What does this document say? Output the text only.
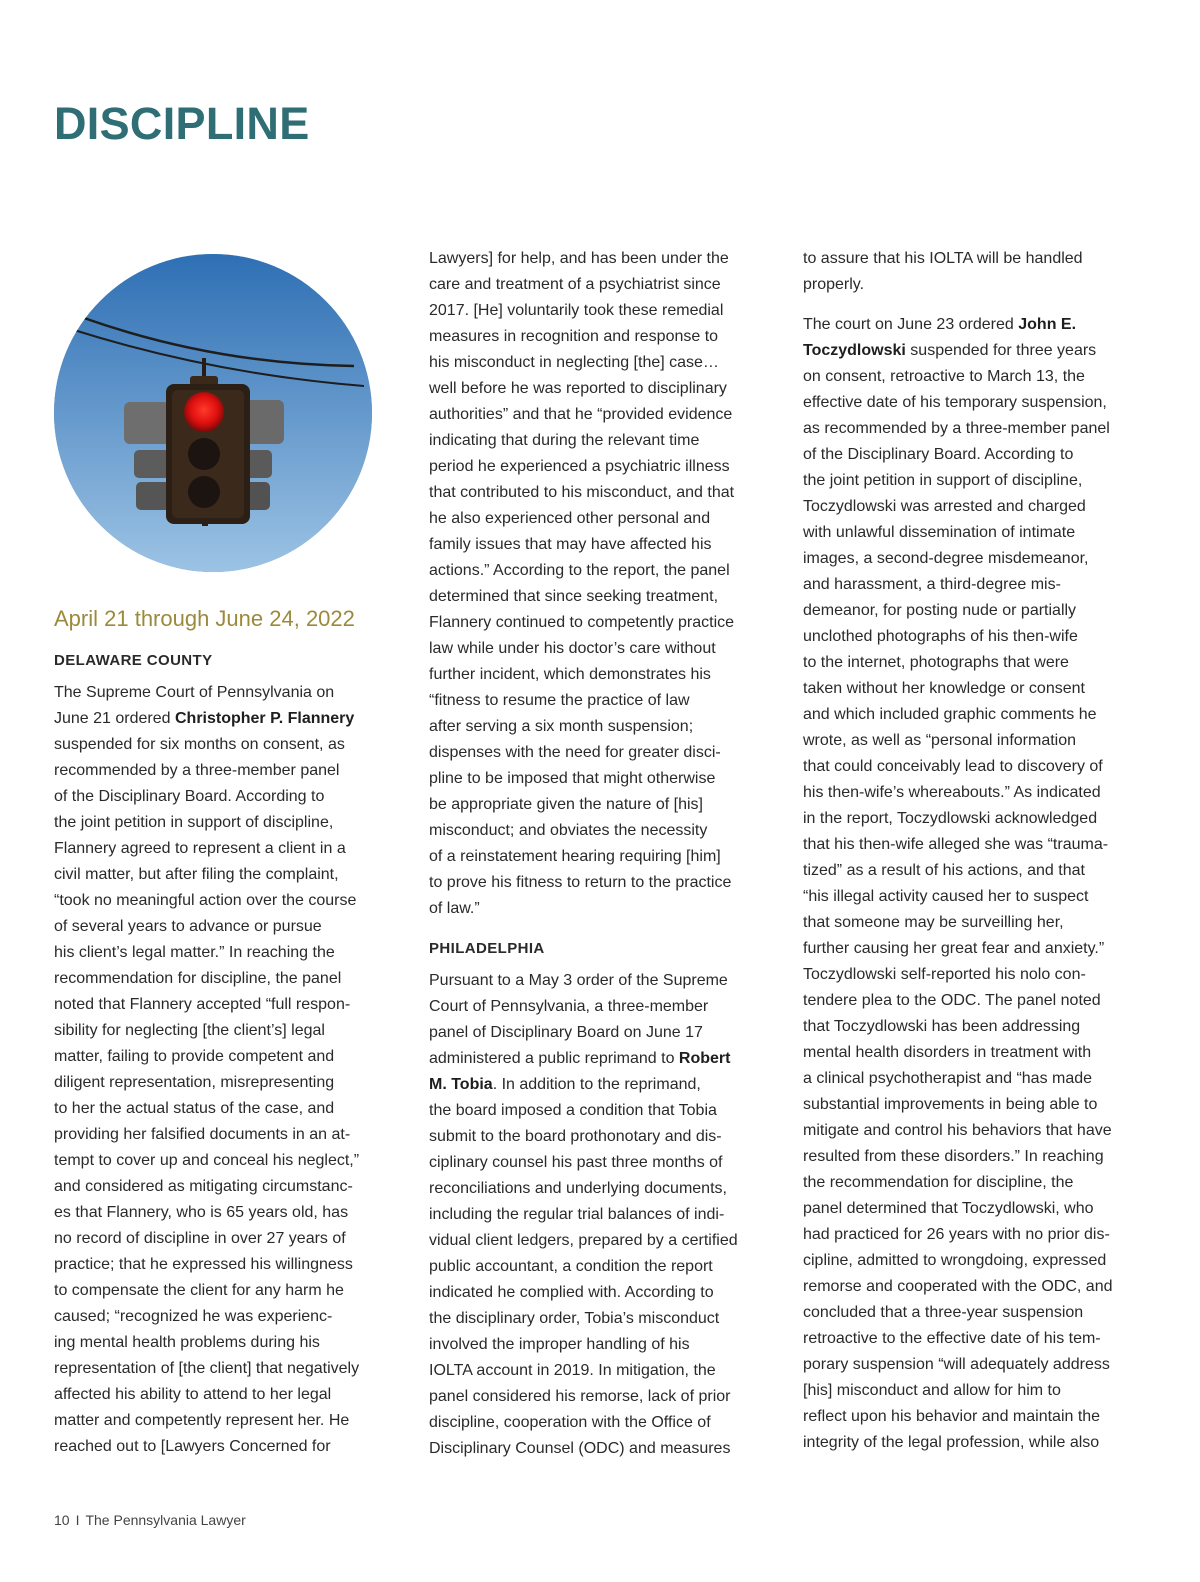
DISCIPLINE
April 21 through June 24, 2022
DELAWARE COUNTY

The Supreme Court of Pennsylvania on
June 21 ordered Christopher P. Flannery
suspended for six months on consent, as
recommended by a three-member panel
of the Disciplinary Board. According to
the joint petition in support of discipline,
Flannery agreed to represent a client in a
civil matter, but after filing the complaint,
“took no meaningful action over the course
of several years to advance or pursue
his client’s legal matter.” In reaching the
recommendation for discipline, the panel
noted that Flannery accepted “full respon-
sibility for neglecting [the client’s] legal
matter, failing to provide competent and
diligent representation, misrepresenting
to her the actual status of the case, and
providing her falsified documents in an at-
tempt to cover up and conceal his neglect,”
and considered as mitigating circumstanc-
es that Flannery, who is 65 years old, has
no record of discipline in over 27 years of
practice; that he expressed his willingness
to compensate the client for any harm he
caused; “recognized he was experienc-
ing mental health problems during his
representation of [the client] that negatively
affected his ability to attend to her legal
matter and competently represent her. He
reached out to [Lawyers Concerned for

Lawyers] for help, and has been under the
care and treatment of a psychiatrist since
2017. [He] voluntarily took these remedial
measures in recognition and response to
his misconduct in neglecting [the] case…
well before he was reported to disciplinary
authorities” and that he “provided evidence
indicating that during the relevant time
period he experienced a psychiatric illness
that contributed to his misconduct, and that
he also experienced other personal and
family issues that may have affected his
actions.” According to the report, the panel
determined that since seeking treatment,
Flannery continued to competently practice
law while under his doctor’s care without
further incident, which demonstrates his
“fitness to resume the practice of law
after serving a six month suspension;
dispenses with the need for greater disci-
pline to be imposed that might otherwise
be appropriate given the nature of [his]
misconduct; and obviates the necessity
of a reinstatement hearing requiring [him]
to prove his fitness to return to the practice
of law.”

PHILADELPHIA

Pursuant to a May 3 order of the Supreme
Court of Pennsylvania, a three-member
panel of Disciplinary Board on June 17
administered a public reprimand to Robert
M. Tobia. In addition to the reprimand,
the board imposed a condition that Tobia
submit to the board prothonotary and dis-
ciplinary counsel his past three months of
reconciliations and underlying documents,
including the regular trial balances of indi-
vidual client ledgers, prepared by a certified
public accountant, a condition the report
indicated he complied with. According to
the disciplinary order, Tobia’s misconduct
involved the improper handling of his
IOLTA account in 2019. In mitigation, the
panel considered his remorse, lack of prior
discipline, cooperation with the Office of
Disciplinary Counsel (ODC) and measures

to assure that his IOLTA will be handled
properly.

The court on June 23 ordered John E.
Toczydlowski suspended for three years
on consent, retroactive to March 13, the
effective date of his temporary suspension,
as recommended by a three-member panel
of the Disciplinary Board. According to
the joint petition in support of discipline,
Toczydlowski was arrested and charged
with unlawful dissemination of intimate
images, a second-degree misdemeanor,
and harassment, a third-degree mis-
demeanor, for posting nude or partially
unclothed photographs of his then-wife
to the internet, photographs that were
taken without her knowledge or consent
and which included graphic comments he
wrote, as well as “personal information
that could conceivably lead to discovery of
his then-wife’s whereabouts.” As indicated
in the report, Toczydlowski acknowledged
that his then-wife alleged she was “trauma-
tized” as a result of his actions, and that
“his illegal activity caused her to suspect
that someone may be surveilling her,
further causing her great fear and anxiety.”
Toczydlowski self-reported his nolo con-
tendere plea to the ODC. The panel noted
that Toczydlowski has been addressing
mental health disorders in treatment with
a clinical psychotherapist and “has made
substantial improvements in being able to
mitigate and control his behaviors that have
resulted from these disorders.” In reaching
the recommendation for discipline, the
panel determined that Toczydlowski, who
had practiced for 26 years with no prior dis-
cipline, admitted to wrongdoing, expressed
remorse and cooperated with the ODC, and
concluded that a three-year suspension
retroactive to the effective date of his tem-
porary suspension “will adequately address
[his] misconduct and allow for him to
reflect upon his behavior and maintain the
integrity of the legal profession, while also

10 I The Pennsylvania Lawyer
